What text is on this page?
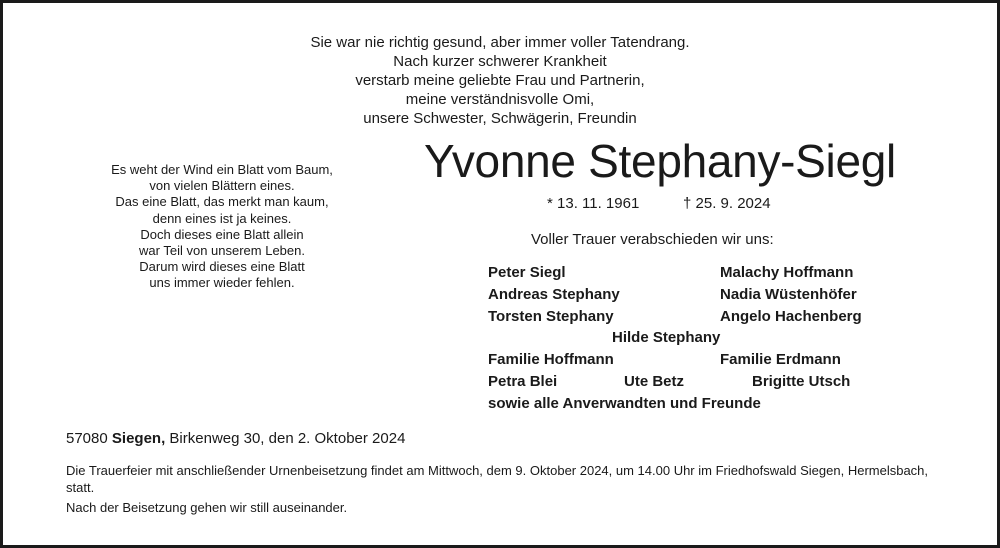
Sie war nie richtig gesund, aber immer voller Tatendrang.
Nach kurzer schwerer Krankheit
verstarb meine geliebte Frau und Partnerin,
meine verständnisvolle Omi,
unsere Schwester, Schwägerin, Freundin
Yvonne Stephany-Siegl
* 13. 11. 1961	† 25. 9. 2024
Es weht der Wind ein Blatt vom Baum,
von vielen Blättern eines.
Das eine Blatt, das merkt man kaum,
denn eines ist ja keines.
Doch dieses eine Blatt allein
war Teil von unserem Leben.
Darum wird dieses eine Blatt
uns immer wieder fehlen.
Voller Trauer verabschieden wir uns:
Peter Siegl	Malachy Hoffmann
Andreas Stephany	Nadia Wüstenhöfer
Torsten Stephany	Angelo Hachenberg
Hilde Stephany
Familie Hoffmann	Familie Erdmann
Petra Blei	Ute Betz	Brigitte Utsch
sowie alle Anverwandten und Freunde
57080 Siegen, Birkenweg 30, den 2. Oktober 2024
Die Trauerfeier mit anschließender Urnenbeisetzung findet am Mittwoch, dem 9. Oktober 2024, um 14.00 Uhr im Friedhofswald Siegen, Hermelsbach, statt.
Nach der Beisetzung gehen wir still auseinander.
